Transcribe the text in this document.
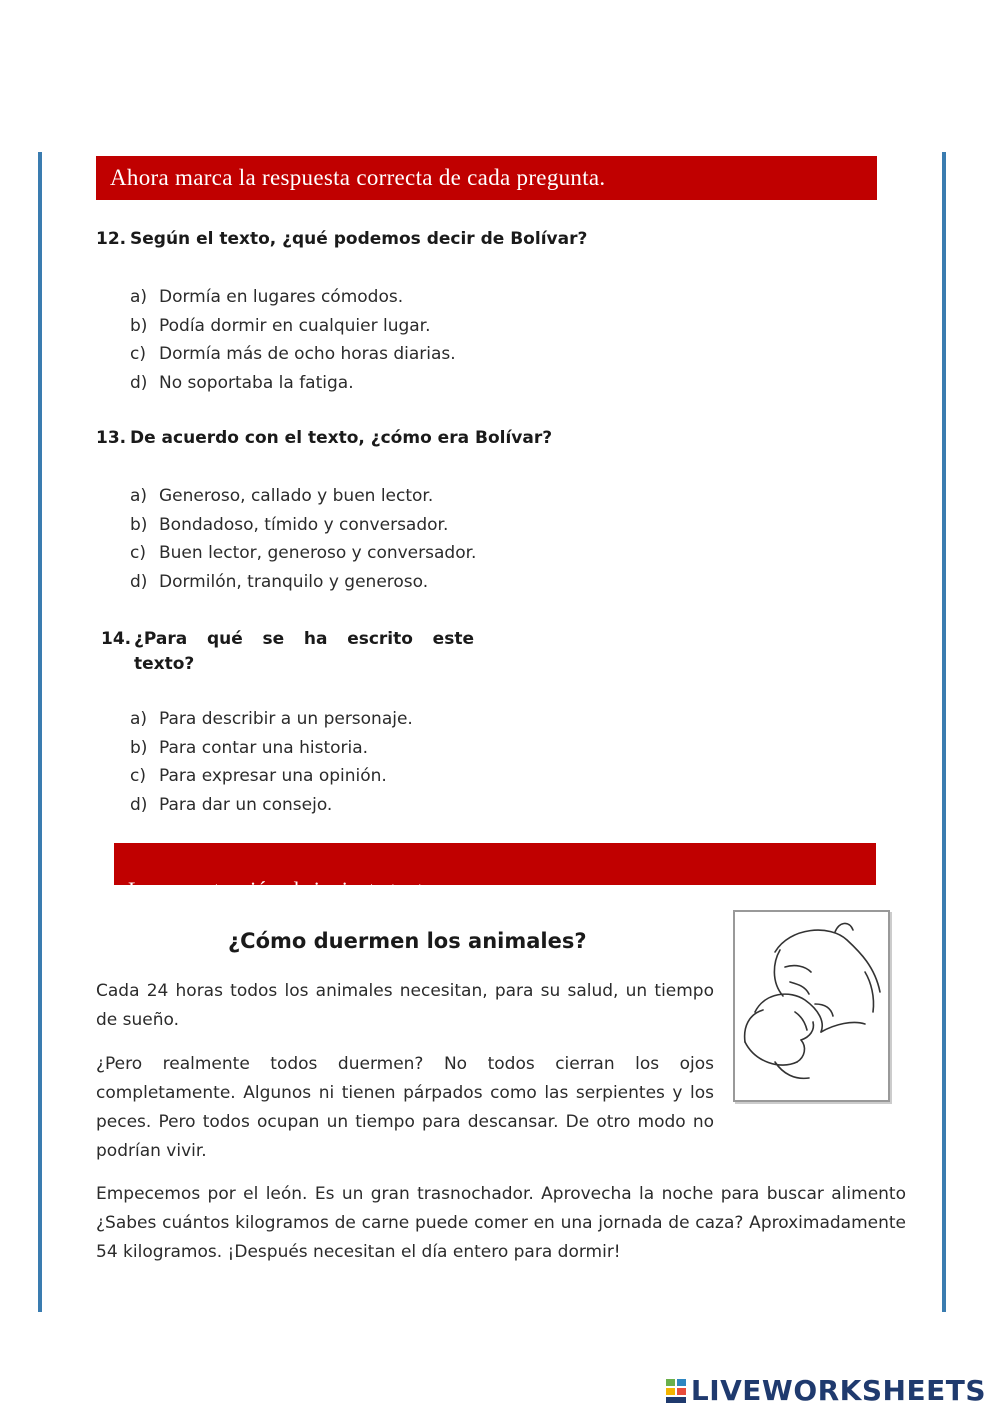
Ahora marca la respuesta correcta de cada pregunta.
12. Según el texto, ¿qué podemos decir de Bolívar?
a) Dormía en lugares cómodos.
b) Podía dormir en cualquier lugar.
c) Dormía más de ocho horas diarias.
d) No soportaba la fatiga.
13. De acuerdo con el texto, ¿cómo era Bolívar?
a) Generoso, callado y buen lector.
b) Bondadoso, tímido y conversador.
c) Buen lector, generoso y conversador.
d) Dormilón, tranquilo y generoso.
14. ¿Para qué se ha escrito este
texto?
a) Para describir a un personaje.
b) Para contar una historia.
c) Para expresar una opinión.
d) Para dar un consejo.
Lee con atención el siguiente texto.
¿Cómo duermen los animales?

Cada 24 horas todos los animales necesitan, para su salud, un tiempo de sueño.

¿Pero realmente todos duermen? No todos cierran los ojos completamente. Algunos ni tienen párpados como las serpientes y los peces. Pero todos ocupan un tiempo para descansar. De otro modo no podrían vivir.

Empecemos por el león. Es un gran trasnochador. Aprovecha la noche para buscar alimento ¿Sabes cuántos kilogramos de carne puede comer en una jornada de caza? Aproximadamente 54 kilogramos. ¡Después necesitan el día entero para dormir!

LIVEWORKSHEETS
